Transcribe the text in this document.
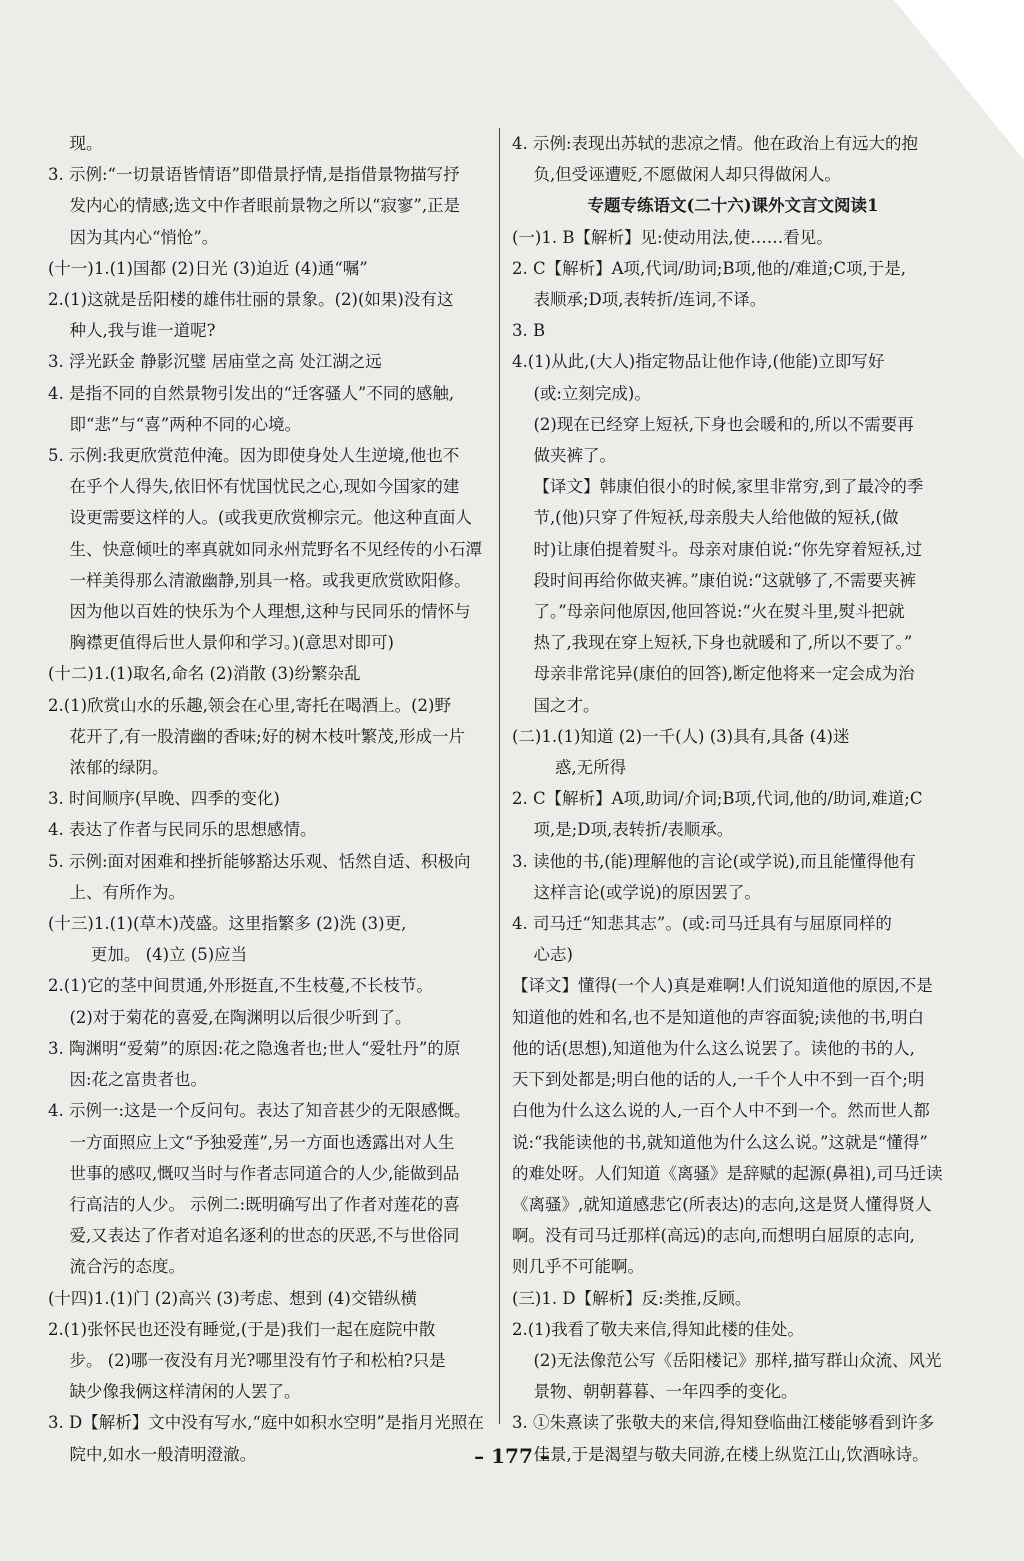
现。
3. 示例:“一切景语皆情语”即借景抒情,是指借景物描写抒
发内心的情感;选文中作者眼前景物之所以“寂寥”,正是
因为其内心“悄怆”。
(十一)1.(1)国都 (2)日光 (3)迫近 (4)通“嘱”
2.(1)这就是岳阳楼的雄伟壮丽的景象。(2)(如果)没有这
种人,我与谁一道呢?
3. 浮光跃金 静影沉璧 居庙堂之高 处江湖之远
4. 是指不同的自然景物引发出的“迁客骚人”不同的感触,
即“悲”与“喜”两种不同的心境。
5. 示例:我更欣赏范仲淹。因为即使身处人生逆境,他也不
在乎个人得失,依旧怀有忧国忧民之心,现如今国家的建
设更需要这样的人。(或我更欣赏柳宗元。他这种直面人
生、快意倾吐的率真就如同永州荒野名不见经传的小石潭
一样美得那么清澈幽静,别具一格。或我更欣赏欧阳修。
因为他以百姓的快乐为个人理想,这种与民同乐的情怀与
胸襟更值得后世人景仰和学习。)(意思对即可)
(十二)1.(1)取名,命名 (2)消散 (3)纷繁杂乱
2.(1)欣赏山水的乐趣,领会在心里,寄托在喝酒上。(2)野
花开了,有一股清幽的香味;好的树木枝叶繁茂,形成一片
浓郁的绿阴。
3. 时间顺序(早晚、四季的变化)
4. 表达了作者与民同乐的思想感情。
5. 示例:面对困难和挫折能够豁达乐观、恬然自适、积极向
上、有所作为。
(十三)1.(1)(草木)茂盛。这里指繁多 (2)洗 (3)更,
更加。 (4)立 (5)应当
2.(1)它的茎中间贯通,外形挺直,不生枝蔓,不长枝节。
(2)对于菊花的喜爱,在陶渊明以后很少听到了。
3. 陶渊明“爱菊”的原因:花之隐逸者也;世人“爱牡丹”的原
因:花之富贵者也。
4. 示例一:这是一个反问句。表达了知音甚少的无限感慨。
一方面照应上文“予独爱莲”,另一方面也透露出对人生
世事的感叹,慨叹当时与作者志同道合的人少,能做到品
行高洁的人少。 示例二:既明确写出了作者对莲花的喜
爱,又表达了作者对追名逐利的世态的厌恶,不与世俗同
流合污的态度。
(十四)1.(1)门 (2)高兴 (3)考虑、想到 (4)交错纵横
2.(1)张怀民也还没有睡觉,(于是)我们一起在庭院中散
步。 (2)哪一夜没有月光?哪里没有竹子和松柏?只是
缺少像我俩这样清闲的人罢了。
3. D【解析】文中没有写水,“庭中如积水空明”是指月光照在
院中,如水一般清明澄澈。
4. 示例:表现出苏轼的悲凉之情。他在政治上有远大的抱
负,但受诬遭贬,不愿做闲人却只得做闲人。
专题专练语文(二十六)课外文言文阅读1
(一)1. B【解析】见:使动用法,使……看见。
2. C【解析】A项,代词/助词;B项,他的/难道;C项,于是,
表顺承;D项,表转折/连词,不译。
3. B
4.(1)从此,(大人)指定物品让他作诗,(他能)立即写好
(或:立刻完成)。
(2)现在已经穿上短袄,下身也会暖和的,所以不需要再
做夹裤了。
【译文】韩康伯很小的时候,家里非常穷,到了最冷的季
节,(他)只穿了件短袄,母亲殷夫人给他做的短袄,(做
时)让康伯提着熨斗。母亲对康伯说:“你先穿着短袄,过
段时间再给你做夹裤。”康伯说:“这就够了,不需要夹裤
了。”母亲问他原因,他回答说:“火在熨斗里,熨斗把就
热了,我现在穿上短袄,下身也就暖和了,所以不要了。”
母亲非常诧异(康伯的回答),断定他将来一定会成为治
国之才。
(二)1.(1)知道 (2)一千(人) (3)具有,具备 (4)迷
惑,无所得
2. C【解析】A项,助词/介词;B项,代词,他的/助词,难道;C
项,是;D项,表转折/表顺承。
3. 读他的书,(能)理解他的言论(或学说),而且能懂得他有
这样言论(或学说)的原因罢了。
4. 司马迁“知悲其志”。(或:司马迁具有与屈原同样的
心志)
【译文】懂得(一个人)真是难啊!人们说知道他的原因,不是
知道他的姓和名,也不是知道他的声容面貌;读他的书,明白
他的话(思想),知道他为什么这么说罢了。读他的书的人,
天下到处都是;明白他的话的人,一千个人中不到一百个;明
白他为什么这么说的人,一百个人中不到一个。然而世人都
说:“我能读他的书,就知道他为什么这么说。”这就是“懂得”
的难处呀。人们知道《离骚》是辞赋的起源(鼻祖),司马迁读
《离骚》,就知道感悲它(所表达)的志向,这是贤人懂得贤人
啊。没有司马迁那样(高远)的志向,而想明白屈原的志向,
则几乎不可能啊。
(三)1. D【解析】反:类推,反顾。
2.(1)我看了敬夫来信,得知此楼的佳处。
(2)无法像范公写《岳阳楼记》那样,描写群山众流、风光
景物、朝朝暮暮、一年四季的变化。
3. ①朱熹读了张敬夫的来信,得知登临曲江楼能够看到许多
佳景,于是渴望与敬夫同游,在楼上纵览江山,饮酒咏诗。
– 177 –
